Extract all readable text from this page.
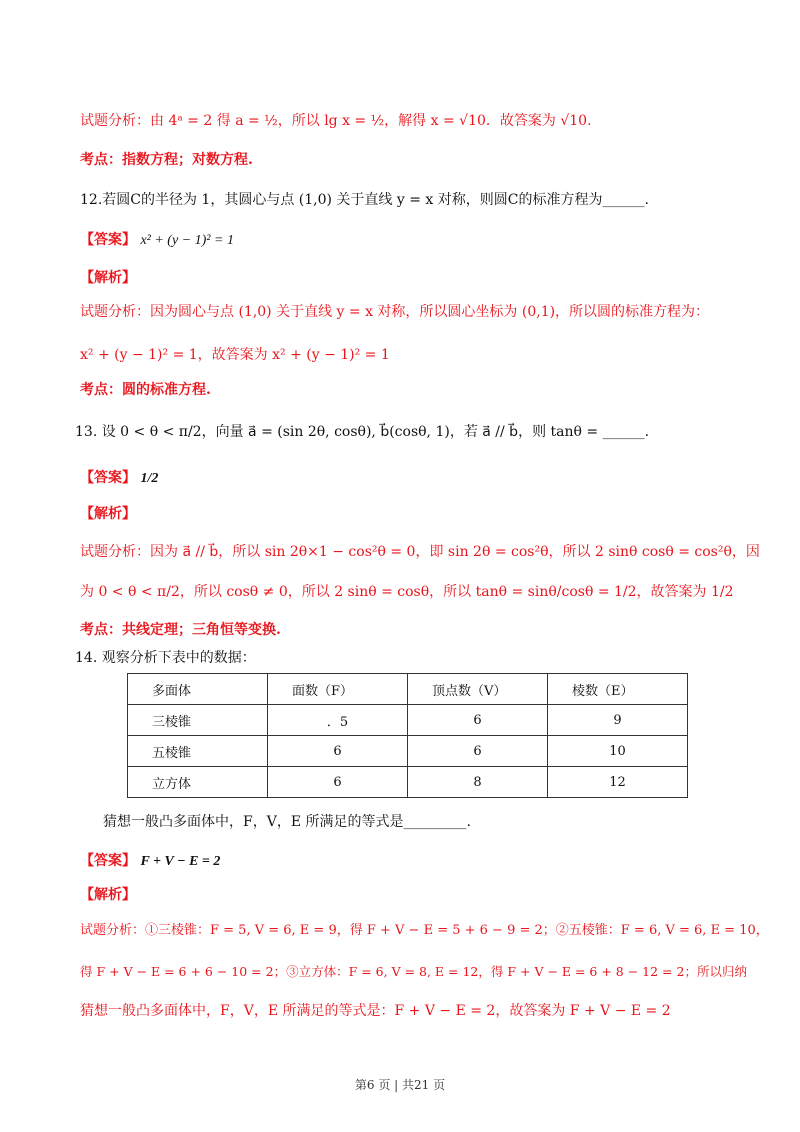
试题分析：由 4ᵃ = 2 得 a = ½，所以 lg x = ½，解得 x = √10．故答案为 √10.
考点：指数方程；对数方程.
12.若圆C的半径为 1，其圆心与点 (1,0) 关于直线 y = x 对称，则圆C的标准方程为______.
【答案】 x² + (y − 1)² = 1
【解析】
试题分析：因为圆心与点 (1,0) 关于直线 y = x 对称，所以圆心坐标为 (0,1)，所以圆的标准方程为：
x² + (y − 1)² = 1，故答案为 x² + (y − 1)² = 1
考点：圆的标准方程.
13. 设 0 < θ < π/2，向量 a⃗ = (sin 2θ, cosθ), b⃗(cosθ, 1)，若 a⃗ // b⃗，则 tanθ = ______.
【答案】 1/2
【解析】
试题分析：因为 a⃗ // b⃗，所以 sin 2θ×1 − cos²θ = 0，即 sin 2θ = cos²θ，所以 2 sinθ cosθ = cos²θ，因
为 0 < θ < π/2，所以 cosθ ≠ 0，所以 2 sinθ = cosθ，所以 tanθ = sinθ/cosθ = 1/2，故答案为 1/2
考点：共线定理；三角恒等变换.
14. 观察分析下表中的数据：
多面体	面数（F）	顶点数（V）	棱数（E）
三棱锥	．5	6	9
五棱锥	6	6	10
立方体	6	8	12
猜想一般凸多面体中，F，V，E 所满足的等式是_________.
【答案】 F + V − E = 2
【解析】
试题分析：①三棱锥：F = 5, V = 6, E = 9，得 F + V − E = 5 + 6 − 9 = 2；②五棱锥：F = 6, V = 6, E = 10，
得 F + V − E = 6 + 6 − 10 = 2；③立方体：F = 6, V = 8, E = 12，得 F + V − E = 6 + 8 − 12 = 2；所以归纳
猜想一般凸多面体中，F，V，E 所满足的等式是：F + V − E = 2，故答案为 F + V − E = 2
第6 页 | 共21 页
